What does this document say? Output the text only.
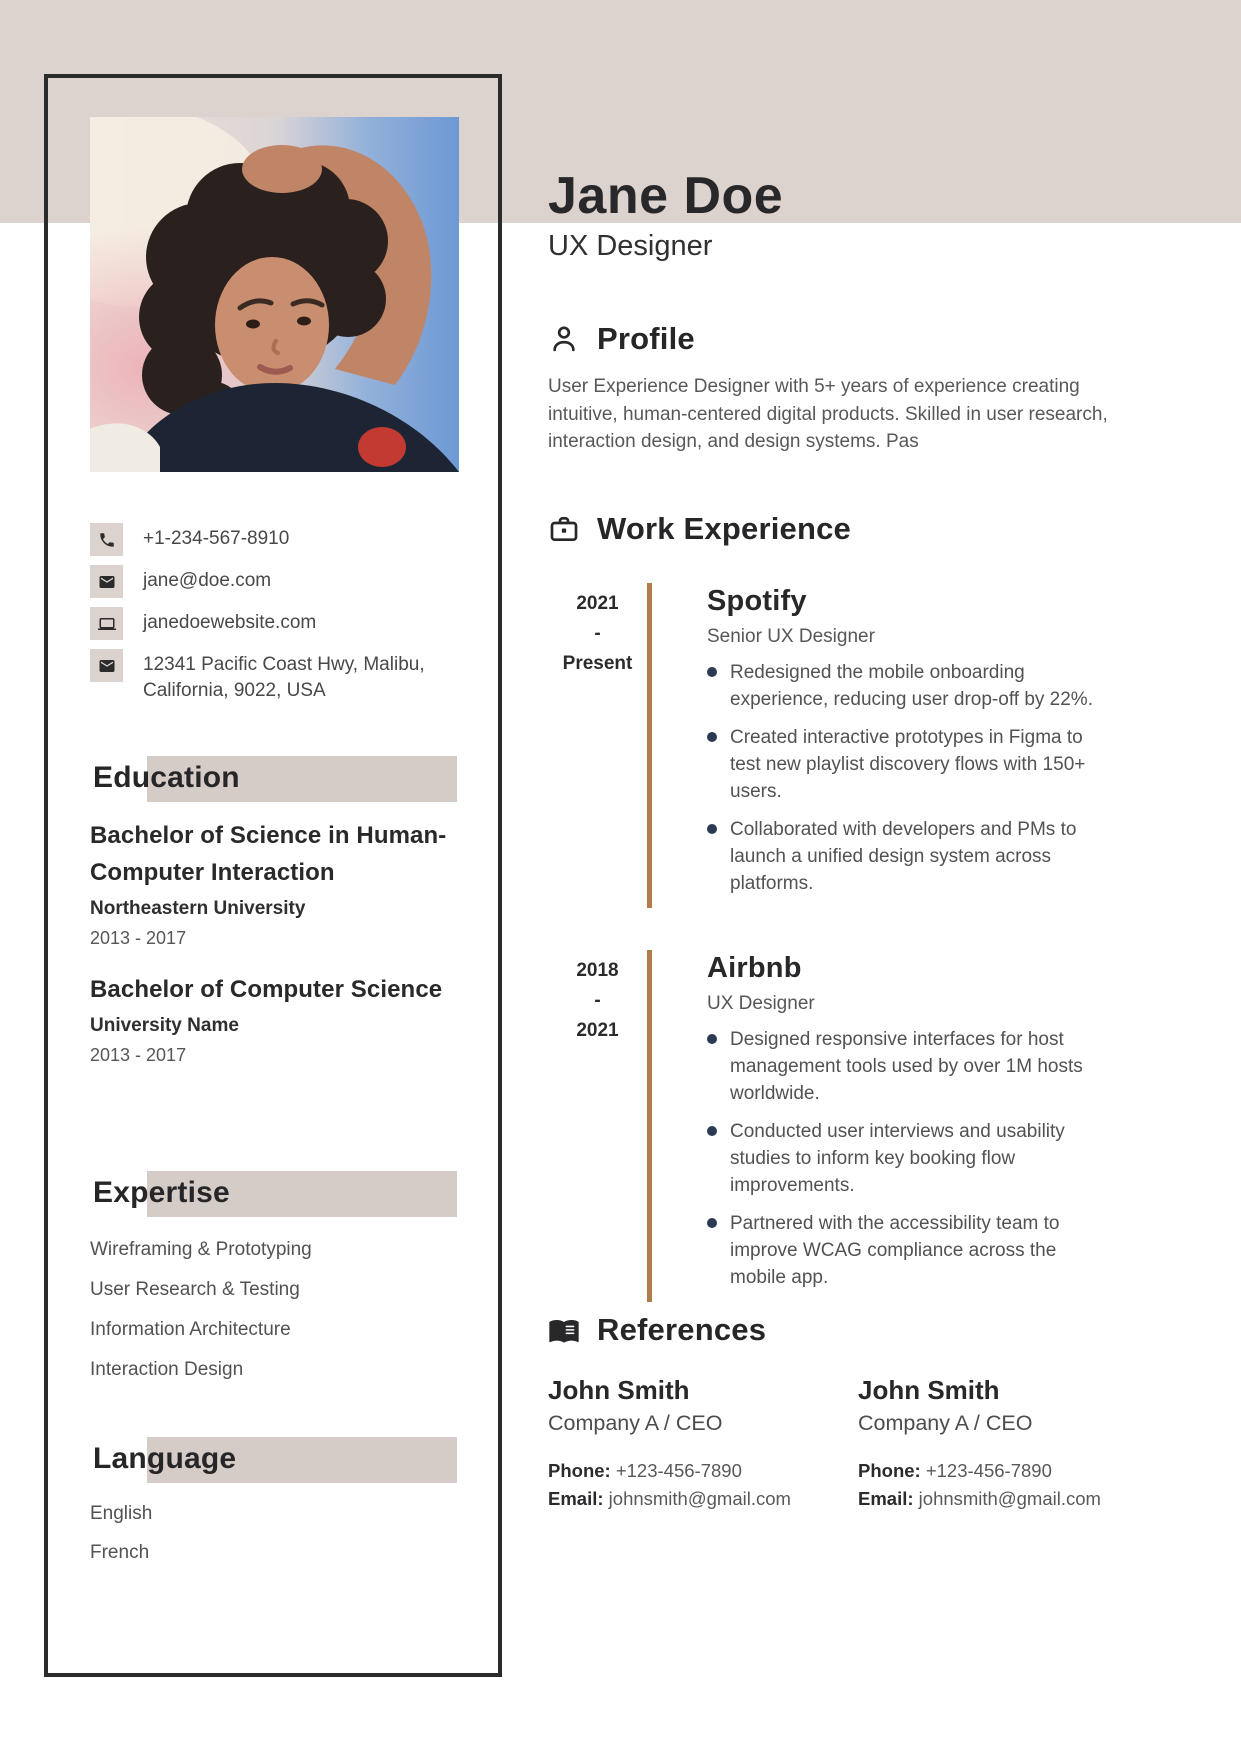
+1-234-567-8910
jane@doe.com
janedoewebsite.com
12341 Pacific Coast Hwy, Malibu, California, 9022, USA
Education
Bachelor of Science in Human-Computer Interaction
Northeastern University
2013 - 2017
Bachelor of Computer Science
University Name
2013 - 2017
Expertise
Wireframing & Prototyping
User Research & Testing
Information Architecture
Interaction Design
Language
English
French
Jane Doe
UX Designer
Profile

User Experience Designer with 5+ years of experience creating intuitive, human-centered digital products. Skilled in user research, interaction design, and design systems. Pas

Work Experience
2021
-
Present
Spotify
Senior UX Designer
Redesigned the mobile onboarding experience, reducing user drop-off by 22%.
Created interactive prototypes in Figma to test new playlist discovery flows with 150+ users.
Collaborated with developers and PMs to launch a unified design system across platforms.
2018
-
2021
Airbnb
UX Designer
Designed responsive interfaces for host management tools used by over 1M hosts worldwide.
Conducted user interviews and usability studies to inform key booking flow improvements.
Partnered with the accessibility team to improve WCAG compliance across the mobile app.
References
John Smith
Company A / CEO
Phone: +123-456-7890
Email: johnsmith@gmail.com
John Smith
Company A / CEO
Phone: +123-456-7890
Email: johnsmith@gmail.com
